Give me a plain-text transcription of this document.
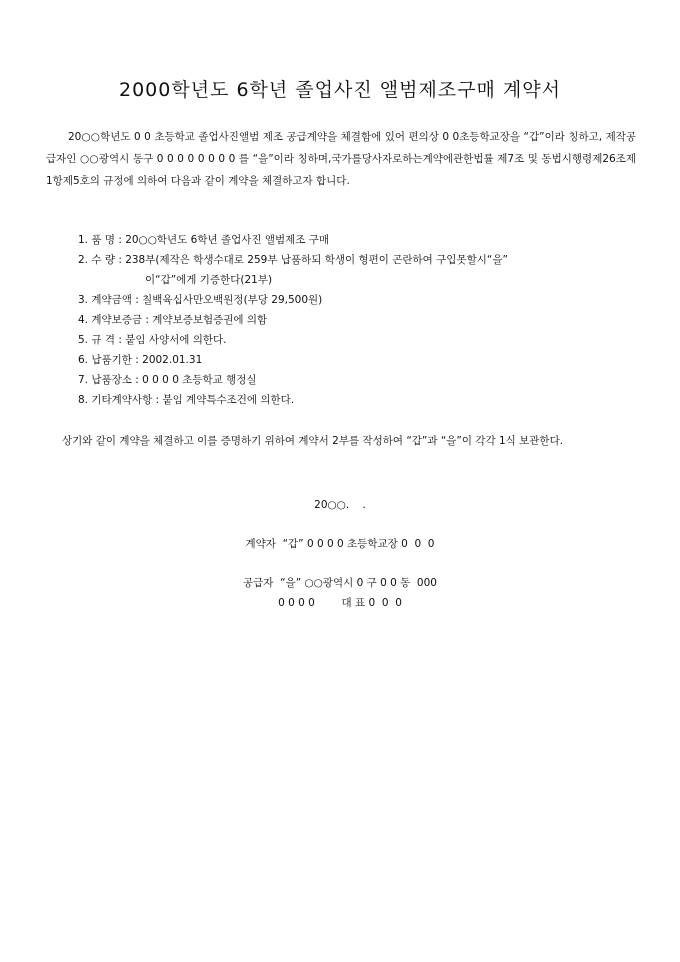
2000학년도 6학년 졸업사진 앨범제조구매 계약서

20○○학년도 0 0 초등학교 졸업사진앨범 제조 공급계약을 체결함에 있어 편의상 0 0초등학교장을 “갑”이라 칭하고, 제작공급자인 ○○광역시 동구 0 0 0 0 0 0 0 0 를 “을”이라 칭하며,국가를당사자로하는계약에관한법률 제7조 및 동법시행령제26조제1항제5호의 규정에 의하여 다음과 같이 계약을 체결하고자 합니다.

1. 품 명 : 20○○학년도 6학년 졸업사진 앨범제조 구매
2. 수 량 : 238부(제작은 학생수대로 259부 납품하되 학생이 형편이 곤란하여 구입못할시“을”
이“갑”에게 기증한다(21부)
3. 계약금액 : 칠백육십사만오백원정(부당 29,500원)
4. 계약보증금 : 계약보증보험증권에 의함
5. 규 격 : 붙임 사양서에 의한다.
6. 납품기한 : 2002.01.31
7. 납품장소 : 0 0 0 0 초등학교 행정실
8. 기타계약사항 : 붙임 계약특수조건에 의한다.

상기와 같이 계약을 체결하고 이를 증명하기 위하여 계약서 2부를 작성하여 “갑”과 “을”이 각각 1식 보관한다.

20○○.    .
계약자  “갑” 0 0 0 0 초등학교장 0  0  0
공급자  “을” ○○광역시 0 구 0 0 동  000
0 0 0 0        대 표 0  0  0
